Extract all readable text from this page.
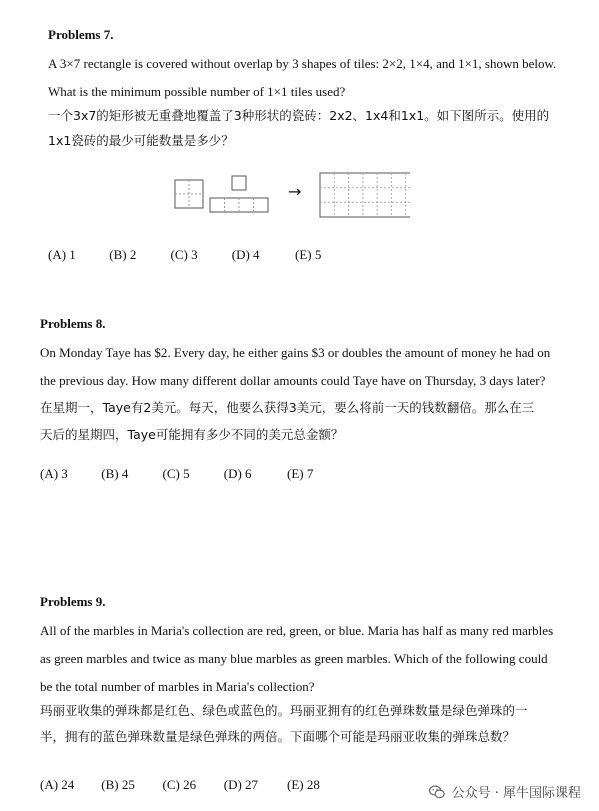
Problems 7.
A 3×7 rectangle is covered without overlap by 3 shapes of tiles: 2×2, 1×4, and 1×1, shown below.
What is the minimum possible number of 1×1 tiles used?
一个3x7的矩形被无重叠地覆盖了3种形状的瓷砖：2x2、1x4和1x1。如下图所示。使用的
1x1瓷砖的最少可能数量是多少？
→
(A) 1	(B) 2	(C) 3	(D) 4	(E) 5
Problems 8.
On Monday Taye has $2. Every day, he either gains $3 or doubles the amount of money he had on
the previous day. How many different dollar amounts could Taye have on Thursday, 3 days later?
在星期一，Taye有2美元。每天，他要么获得3美元，要么将前一天的钱数翻倍。那么在三
天后的星期四，Taye可能拥有多少不同的美元总金额？
(A) 3	(B) 4	(C) 5	(D) 6	(E) 7
Problems 9.
All of the marbles in Maria's collection are red, green, or blue. Maria has half as many red marbles
as green marbles and twice as many blue marbles as green marbles. Which of the following could
be the total number of marbles in Maria's collection?
玛丽亚收集的弹珠都是红色、绿色或蓝色的。玛丽亚拥有的红色弹珠数量是绿色弹珠的一
半，拥有的蓝色弹珠数量是绿色弹珠的两倍。下面哪个可能是玛丽亚收集的弹珠总数？
(A) 24 (B) 25 (C) 26 (D) 27 (E) 28
公众号 · 犀牛国际课程
